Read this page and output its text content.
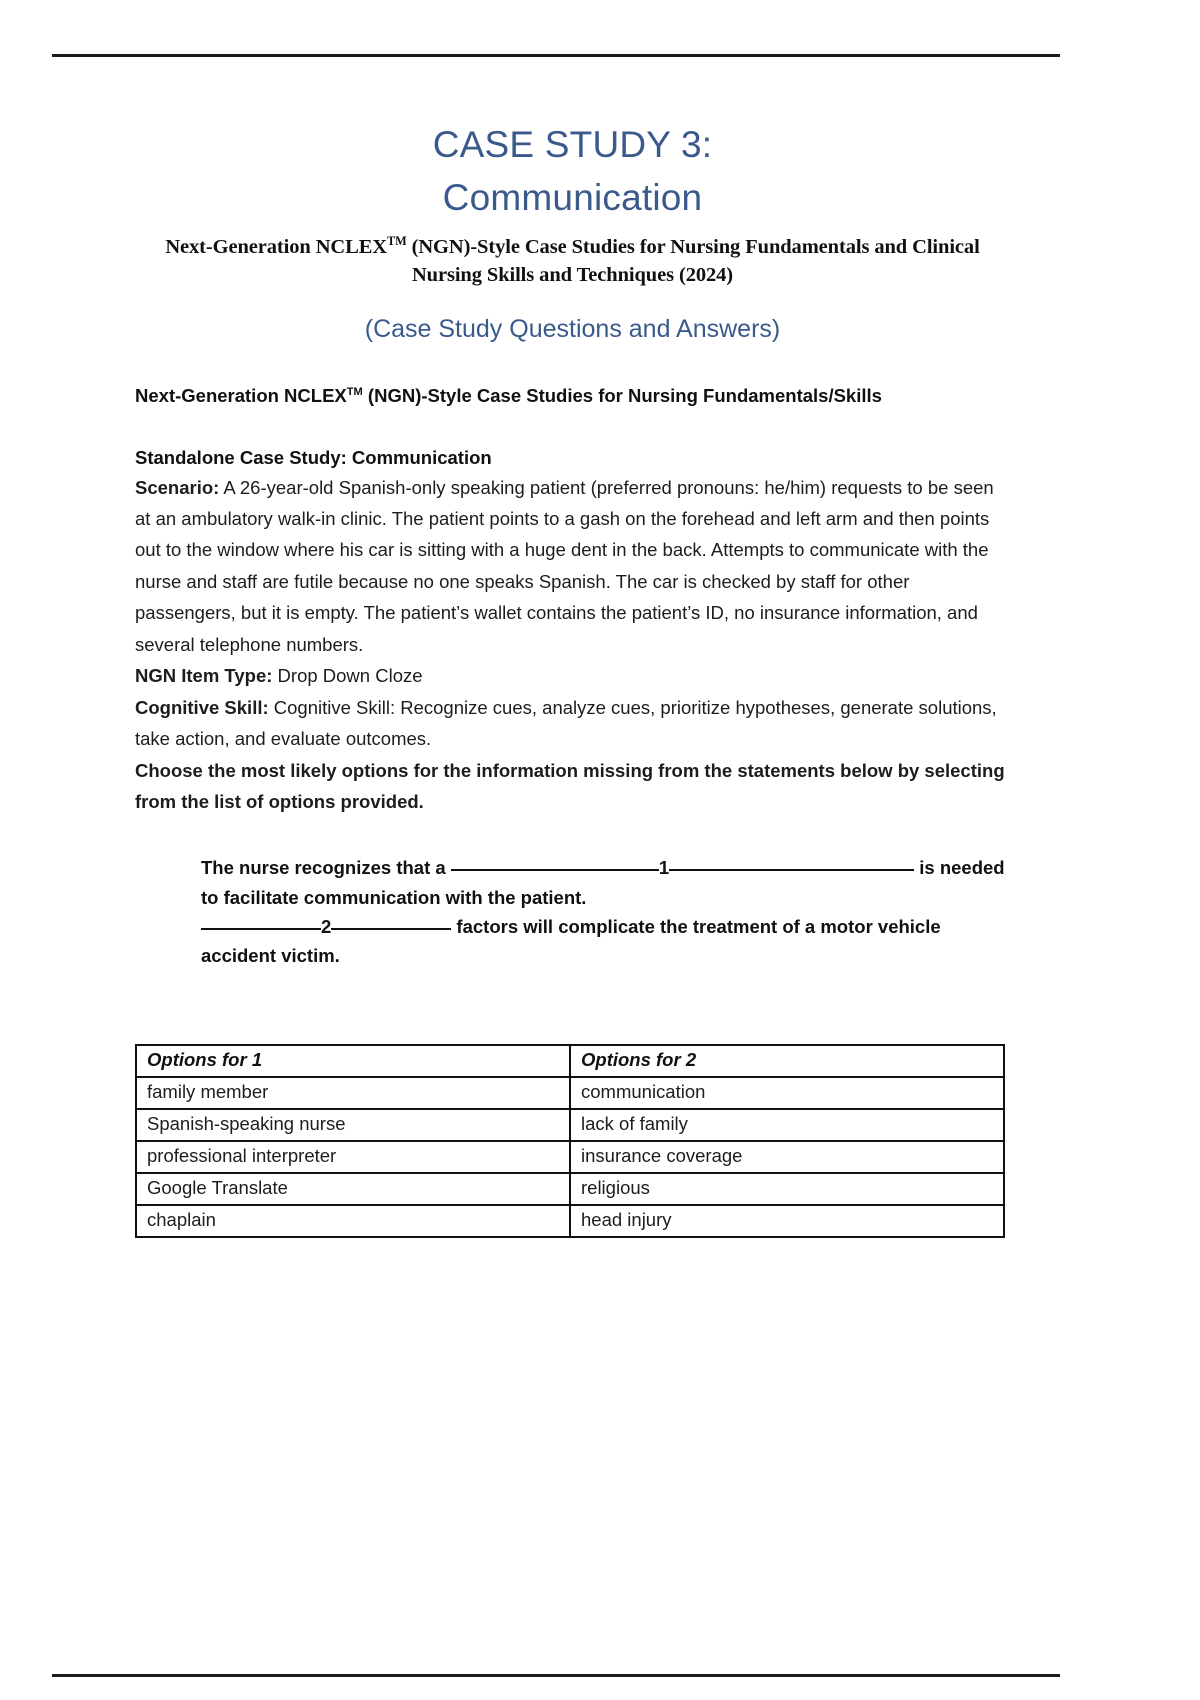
CASE STUDY 3:
Communication
Next-Generation NCLEX™ (NGN)-Style Case Studies for Nursing Fundamentals and Clinical Nursing Skills and Techniques (2024)
(Case Study Questions and Answers)
Next-Generation NCLEX™ (NGN)-Style Case Studies for Nursing Fundamentals/Skills
Standalone Case Study: Communication

Scenario: A 26-year-old Spanish-only speaking patient (preferred pronouns: he/him) requests to be seen at an ambulatory walk-in clinic. The patient points to a gash on the forehead and left arm and then points out to the window where his car is sitting with a huge dent in the back. Attempts to communicate with the nurse and staff are futile because no one speaks Spanish. The car is checked by staff for other passengers, but it is empty. The patient’s wallet contains the patient’s ID, no insurance information, and several telephone numbers.

NGN Item Type: Drop Down Cloze

Cognitive Skill: Cognitive Skill: Recognize cues, analyze cues, prioritize hypotheses, generate solutions, take action, and evaluate outcomes.

Choose the most likely options for the information missing from the statements below by selecting from the list of options provided.

The nurse recognizes that a	1	is needed to facilitate communication with the patient.
2	factors will complicate the treatment of a motor vehicle accident victim.
Options for 1	Options for 2
family member	communication
Spanish-speaking nurse	lack of family
professional interpreter	insurance coverage
Google Translate	religious
chaplain	head injury
